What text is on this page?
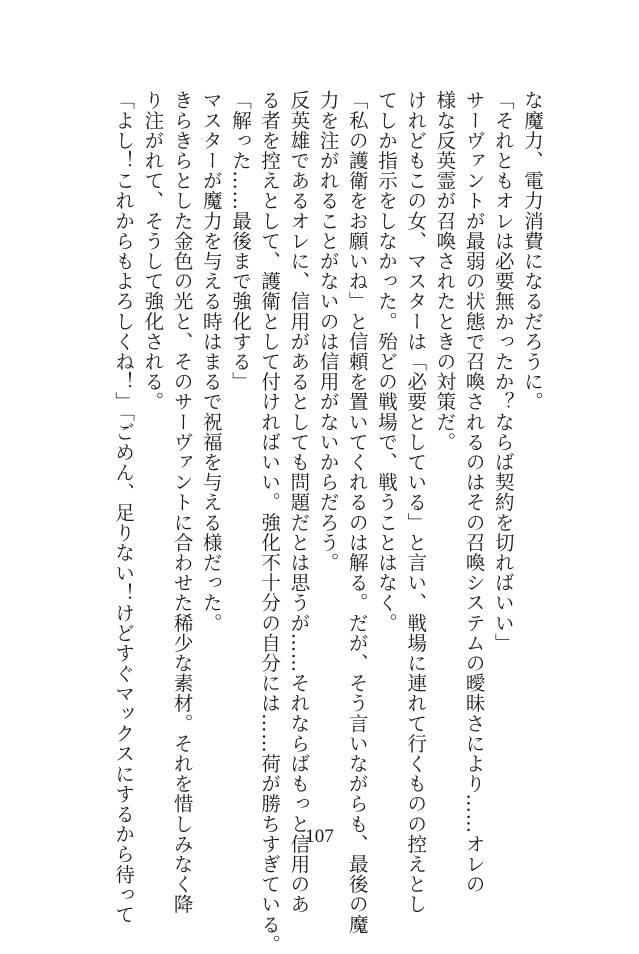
な魔力、電力消費になるだろうに。
「それともオレは必要無かったか？ならば契約を切ればいい」
サーヴァントが最弱の状態で召喚されるのはその召喚システムの曖昧さにより……オレの
様な反英霊が召喚されたときの対策だ。
けれどもこの女、マスターは「必要としている」と言い、戦場に連れて行くものの控えとし
てしか指示をしなかった。殆どの戦場で、戦うことはなく。
「私の護衛をお願いね」と信頼を置いてくれるのは解る。だが、そう言いながらも、最後の魔
力を注がれることがないのは信用がないからだろう。
反英雄であるオレに、信用があるとしても問題だとは思うが……それならばもっと信用のあ
る者を控えとして、護衛として付ければいい。強化不十分の自分には……荷が勝ちすぎている。
「解った……最後まで強化する」
マスターが魔力を与える時はまるで祝福を与える様だった。
きらきらとした金色の光と、そのサーヴァントに合わせた稀少な素材。それを惜しみなく降
り注がれて、そうして強化される。
「よし！これからもよろしくね！」「ごめん、足りない！けどすぐマックスにするから待って	107
